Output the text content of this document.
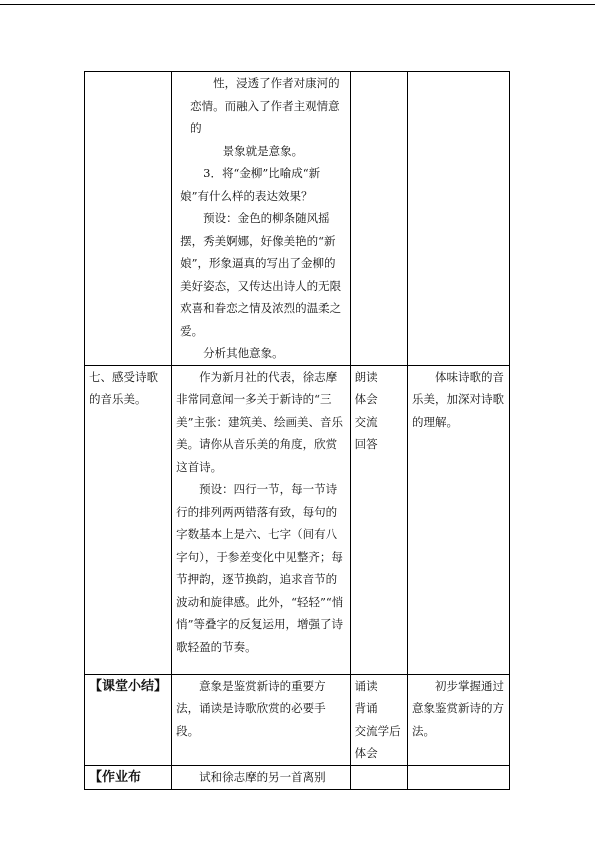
	性，浸透了作者对康河的恋情。而融入了作者主观情意的
景象就是意象。
3．将“金柳”比喻成“新娘”有什么样的表达效果？
预设：金色的柳条随风摇摆，秀美婀娜，好像美艳的“新娘”，形象逼真的写出了金柳的美好姿态，又传达出诗人的无限欢喜和眷恋之情及浓烈的温柔之爱。
分析其他意象。		

七、感受诗歌的音乐美。	作为新月社的代表，徐志摩非常同意闻一多关于新诗的“三美”主张：建筑美、绘画美、音乐美。请你从音乐美的角度，欣赏这首诗。
预设：四行一节，每一节诗行的排列两两错落有致，每句的字数基本上是六、七字（间有八字句），于参差变化中见整齐；每节押韵，逐节换韵，追求音节的波动和旋律感。此外，“轻轻”“悄悄”等叠字的反复运用，增强了诗歌轻盈的节奏。	朗读
体会
交流
回答	体味诗歌的音乐美，加深对诗歌的理解。

【课堂小结】	意象是鉴赏新诗的重要方法，诵读是诗歌欣赏的必要手段。	诵读
背诵
交流学后
体会	初步掌握通过意象鉴赏新诗的方法。

【作业布	试和徐志摩的另一首离别		
